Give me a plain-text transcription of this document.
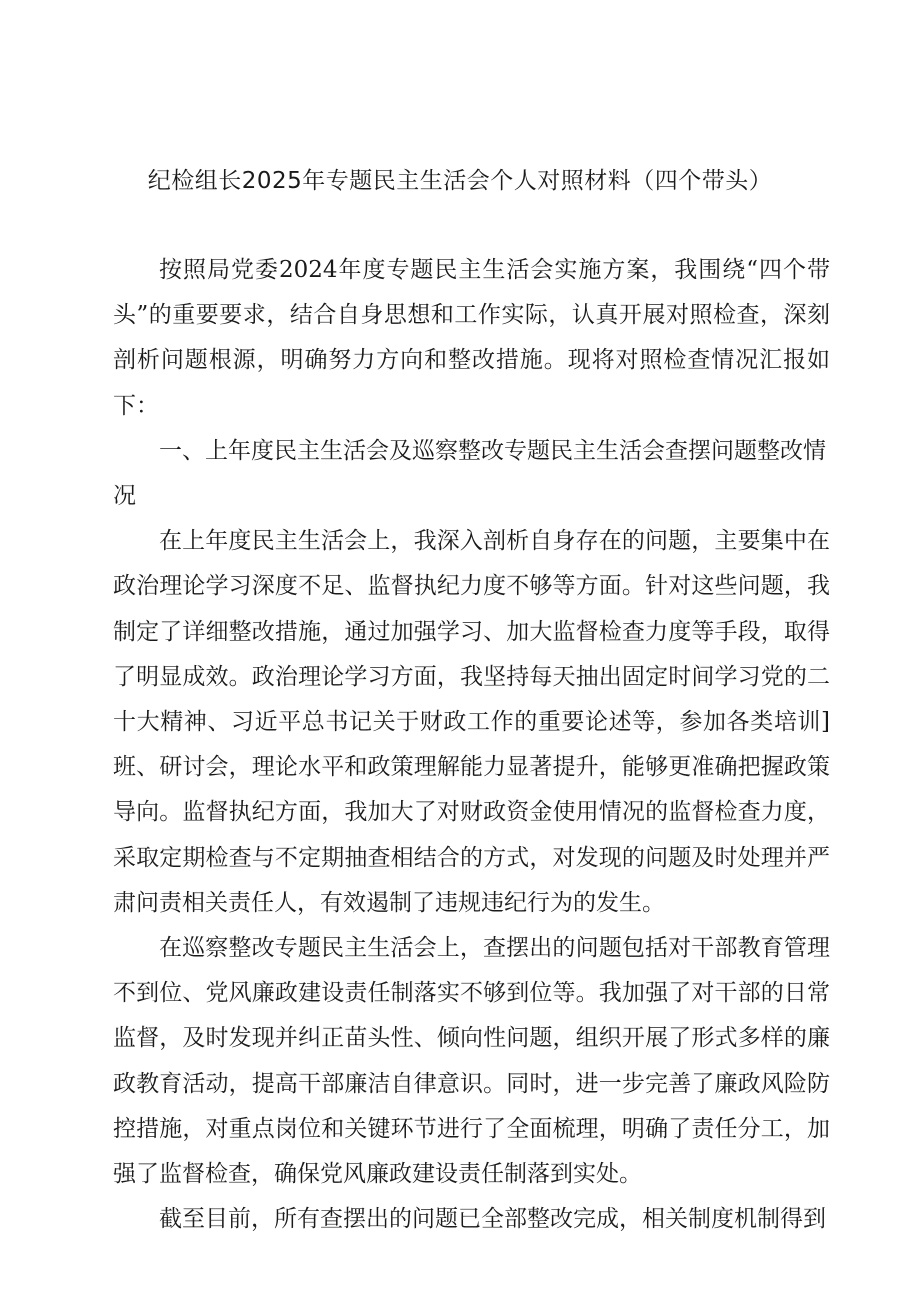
纪检组长2025年专题民主生活会个人对照材料（四个带头）

按照局党委2024年度专题民主生活会实施方案，我围绕“四个带头”的重要要求，结合自身思想和工作实际，认真开展对照检查，深刻剖析问题根源，明确努力方向和整改措施。现将对照检查情况汇报如下：

一、上年度民主生活会及巡察整改专题民主生活会查摆问题整改情况

在上年度民主生活会上，我深入剖析自身存在的问题，主要集中在政治理论学习深度不足、监督执纪力度不够等方面。针对这些问题，我制定了详细整改措施，通过加强学习、加大监督检查力度等手段，取得了明显成效。政治理论学习方面，我坚持每天抽出固定时间学习党的二十大精神、习近平总书记关于财政工作的重要论述等，参加各类培训]班、研讨会，理论水平和政策理解能力显著提升，能够更准确把握政策导向。监督执纪方面，我加大了对财政资金使用情况的监督检查力度，采取定期检查与不定期抽查相结合的方式，对发现的问题及时处理并严肃问责相关责任人，有效遏制了违规违纪行为的发生。

在巡察整改专题民主生活会上，查摆出的问题包括对干部教育管理不到位、党风廉政建设责任制落实不够到位等。我加强了对干部的日常监督，及时发现并纠正苗头性、倾向性问题，组织开展了形式多样的廉政教育活动，提高干部廉洁自律意识。同时，进一步完善了廉政风险防控措施，对重点岗位和关键环节进行了全面梳理，明确了责任分工，加强了监督检查，确保党风廉政建设责任制落到实处。

截至目前，所有查摆出的问题已全部整改完成，相关制度机制得到
